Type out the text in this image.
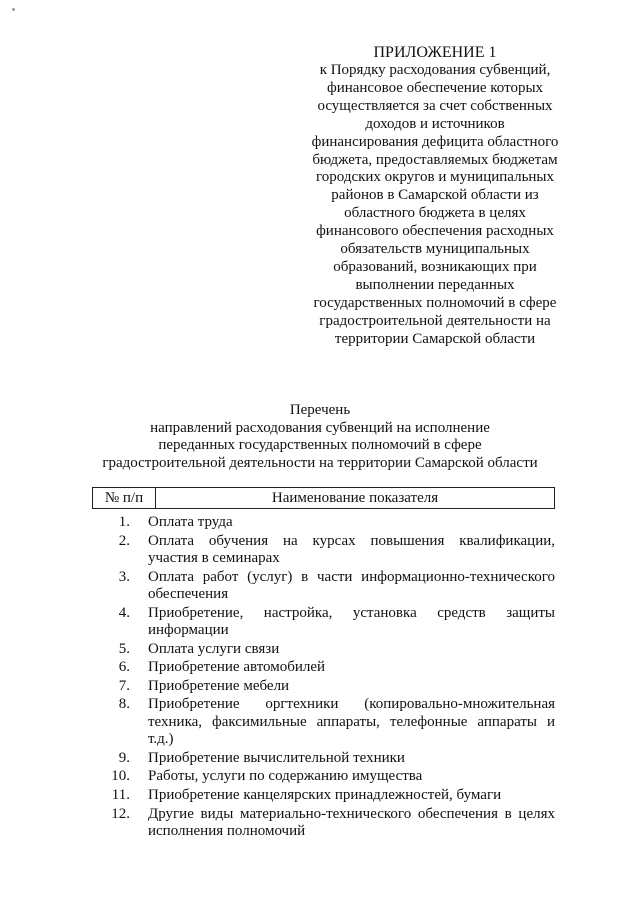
ПРИЛОЖЕНИЕ 1
к Порядку расходования субвенций,
финансовое обеспечение которых
осуществляется за счет собственных
доходов и источников
финансирования дефицита областного
бюджета, предоставляемых бюджетам
городских округов и муниципальных
районов в Самарской области из
областного бюджета в целях
финансового обеспечения расходных
обязательств муниципальных
образований, возникающих при
выполнении переданных
государственных полномочий в сфере
градостроительной деятельности на
территории Самарской области
Перечень
направлений расходования субвенций на исполнение
переданных государственных полномочий в сфере
градостроительной деятельности на территории Самарской области
№ п/п	Наименование показателя
1. Оплата труда
2. Оплата обучения на курсах повышения квалификации,
участия в семинарах
3. Оплата работ (услуг) в части информационно-технического
обеспечения
4. Приобретение, настройка, установка средств защиты
информации
5. Оплата услуги связи
6. Приобретение автомобилей
7. Приобретение мебели
8. Приобретение оргтехники (копировально-множительная
техника, факсимильные аппараты, телефонные аппараты и
т.д.)
9. Приобретение вычислительной техники
10. Работы, услуги по содержанию имущества
11. Приобретение канцелярских принадлежностей, бумаги
12. Другие виды материально-технического обеспечения в целях
исполнения полномочий
